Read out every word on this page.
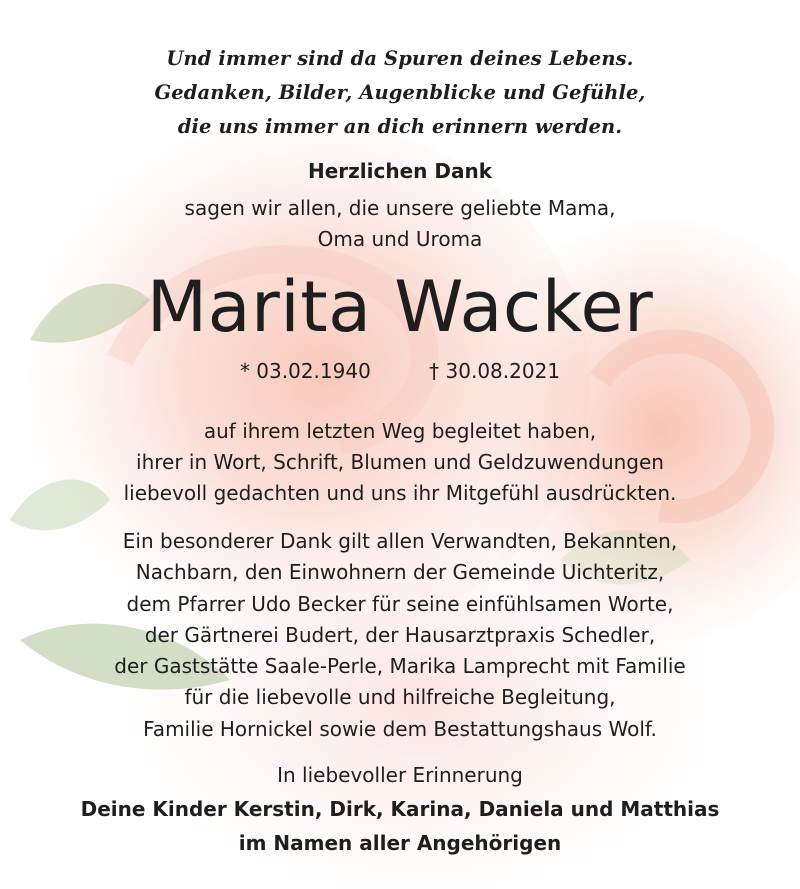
Und immer sind da Spuren deines Lebens.
Gedanken, Bilder, Augenblicke und Gefühle,
die uns immer an dich erinnern werden.
Herzlichen Dank
sagen wir allen, die unsere geliebte Mama,
Oma und Uroma
Marita Wacker
* 03.02.1940	† 30.08.2021
auf ihrem letzten Weg begleitet haben,
ihrer in Wort, Schrift, Blumen und Geldzuwendungen
liebevoll gedachten und uns ihr Mitgefühl ausdrückten.
Ein besonderer Dank gilt allen Verwandten, Bekannten,
Nachbarn, den Einwohnern der Gemeinde Uichteritz,
dem Pfarrer Udo Becker für seine einfühlsamen Worte,
der Gärtnerei Budert, der Hausarztpraxis Schedler,
der Gaststätte Saale-Perle, Marika Lamprecht mit Familie
für die liebevolle und hilfreiche Begleitung,
Familie Hornickel sowie dem Bestattungshaus Wolf.
In liebevoller Erinnerung
Deine Kinder Kerstin, Dirk, Karina, Daniela und Matthias
im Namen aller Angehörigen
